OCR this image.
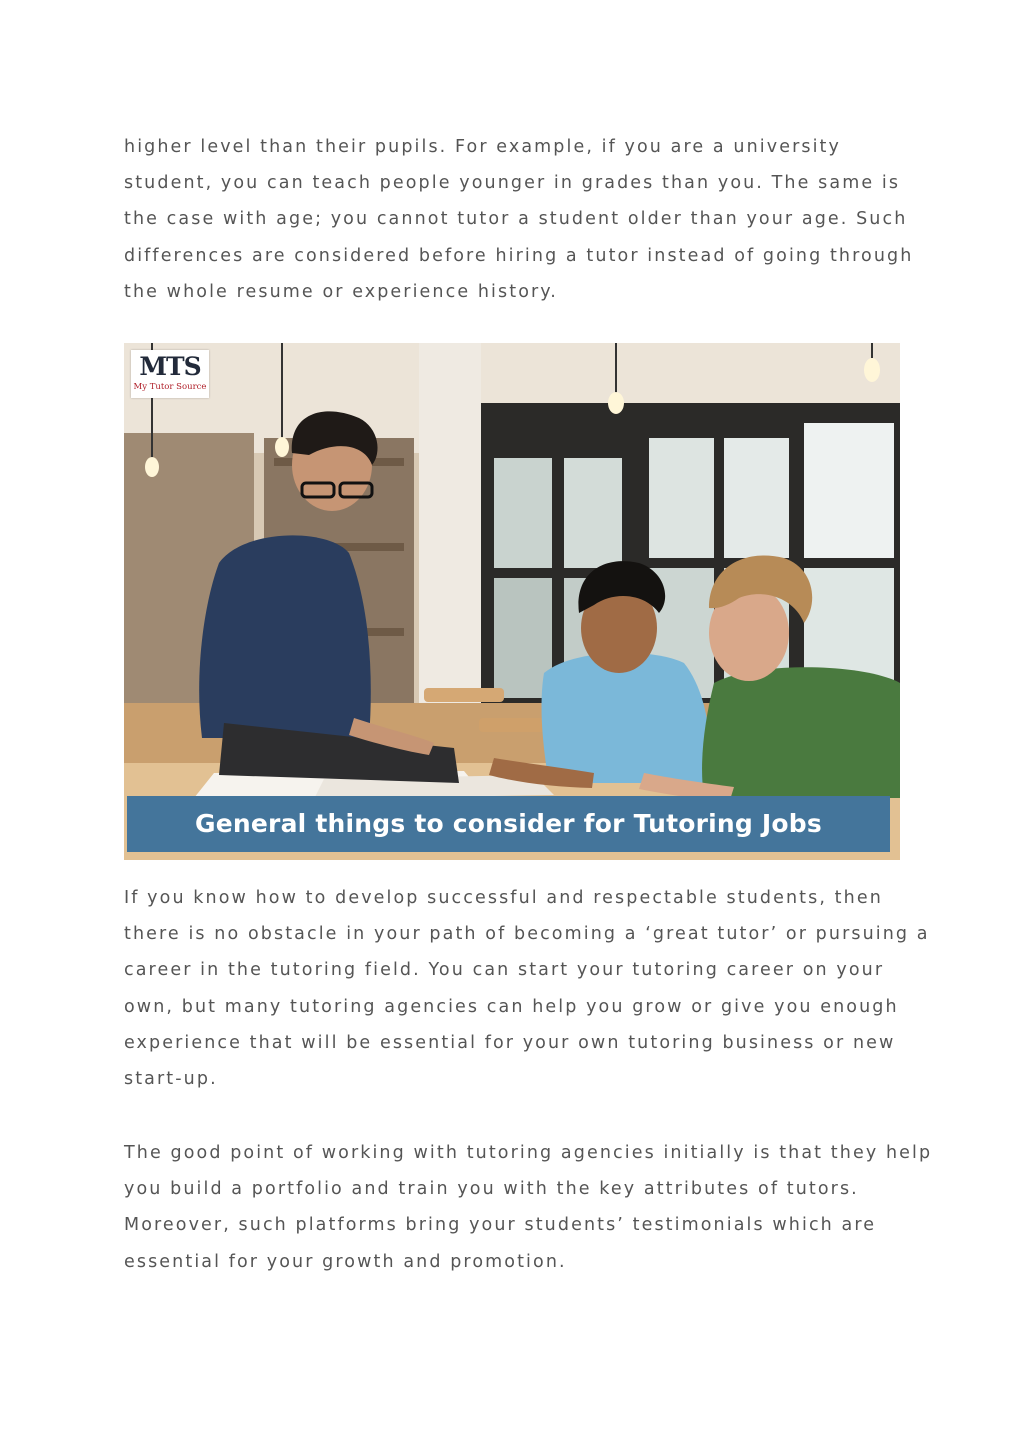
higher level than their pupils. For example, if you are a university
student, you can teach people younger in grades than you. The same is
the case with age; you cannot tutor a student older than your age. Such
differences are considered before hiring a tutor instead of going through
the whole resume or experience history.

MTS
My Tutor Source
General things to consider for Tutoring Jobs

If you know how to develop successful and respectable students, then
there is no obstacle in your path of becoming a ‘great tutor’ or pursuing a
career in the tutoring field. You can start your tutoring career on your
own, but many tutoring agencies can help you grow or give you enough
experience that will be essential for your own tutoring business or new
start-up.

The good point of working with tutoring agencies initially is that they help
you build a portfolio and train you with the key attributes of tutors.
Moreover, such platforms bring your students’ testimonials which are
essential for your growth and promotion.
